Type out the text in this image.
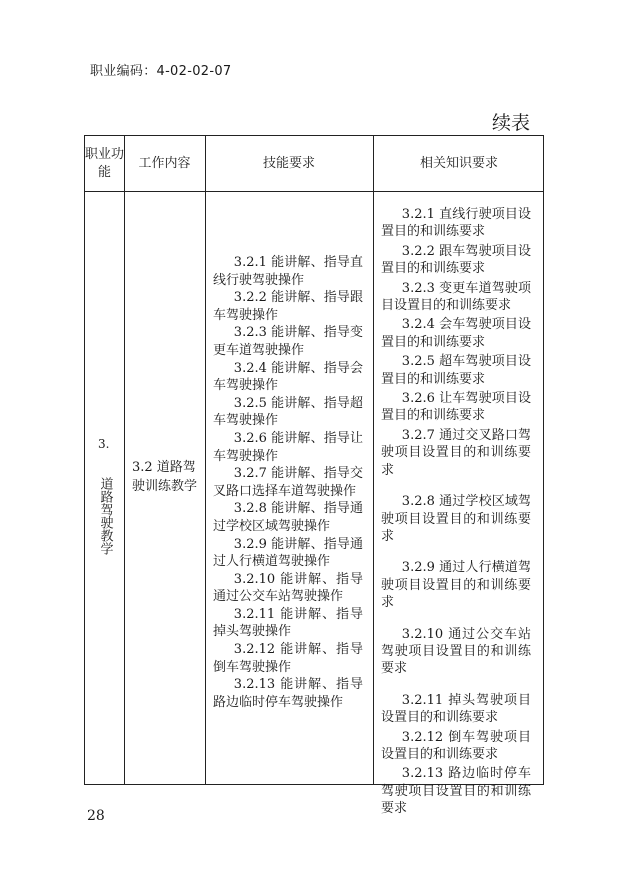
职业编码：4-02-02-07
续表
职业功能
工作内容	技能要求	相关知识要求
3.
道路驾驶教学
3.2 道路驾驶训练教学
3.2.1 能讲解、指导直线行驶驾驶操作
3.2.2 能讲解、指导跟车驾驶操作
3.2.3 能讲解、指导变更车道驾驶操作
3.2.4 能讲解、指导会车驾驶操作
3.2.5 能讲解、指导超车驾驶操作
3.2.6 能讲解、指导让车驾驶操作
3.2.7 能讲解、指导交叉路口选择车道驾驶操作
3.2.8 能讲解、指导通过学校区域驾驶操作
3.2.9 能讲解、指导通过人行横道驾驶操作
3.2.10 能讲解、指导通过公交车站驾驶操作
3.2.11 能讲解、指导掉头驾驶操作
3.2.12 能讲解、指导倒车驾驶操作
3.2.13 能讲解、指导路边临时停车驾驶操作
3.2.1 直线行驶项目设置目的和训练要求
3.2.2 跟车驾驶项目设置目的和训练要求
3.2.3 变更车道驾驶项目设置目的和训练要求
3.2.4 会车驾驶项目设置目的和训练要求
3.2.5 超车驾驶项目设置目的和训练要求
3.2.6 让车驾驶项目设置目的和训练要求
3.2.7 通过交叉路口驾驶项目设置目的和训练要求
3.2.8 通过学校区域驾驶项目设置目的和训练要求
3.2.9 通过人行横道驾驶项目设置目的和训练要求
3.2.10 通过公交车站驾驶项目设置目的和训练要求
3.2.11 掉头驾驶项目设置目的和训练要求
3.2.12 倒车驾驶项目设置目的和训练要求
3.2.13 路边临时停车驾驶项目设置目的和训练要求
28
